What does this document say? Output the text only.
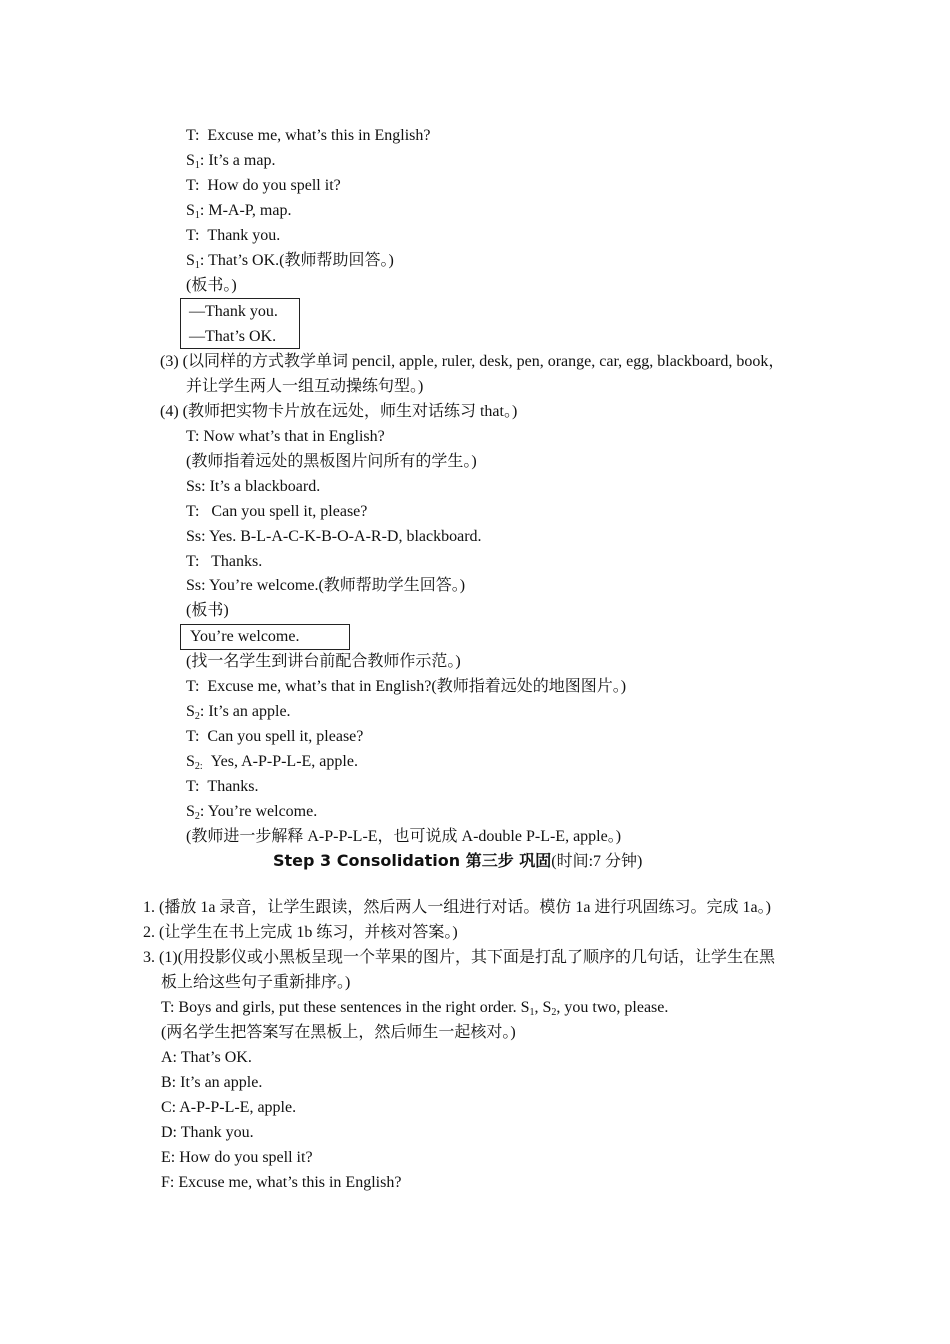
T: Excuse me, what’s this in English?
$S_1$: It’s a map.
T: How do you spell it?
$S_1$: M-A-P, map.
T: Thank you.
$S_1$: That’s OK.(教师帮助回答。)
(板书。)
—Thank you.
—That’s OK.
(3) (以同样的方式教学单词 pencil, apple, ruler, desk, pen, orange, car, egg, blackboard, book，
并让学生两人一组互动操练句型。)
(4) (教师把实物卡片放在远处，师生对话练习 that。)
T: Now what’s that in English?
(教师指着远处的黑板图片问所有的学生。)
Ss: It’s a blackboard.
T:   Can you spell it, please?
Ss: Yes. B-L-A-C-K-B-O-A-R-D, blackboard.
T:   Thanks.
Ss: You’re welcome.(教师帮助学生回答。)
(板书)
You’re welcome.
(找一名学生到讲台前配合教师作示范。)
T: Excuse me, what’s that in English?(教师指着远处的地图图片。)
$S_2$: It’s an apple.
T: Can you spell it, please?
$S_{2:}$ Yes, A-P-P-L-E, apple.
T: Thanks.
$S_2$: You’re welcome.
(教师进一步解释 A-P-P-L-E，也可说成 A-double P-L-E, apple。)
Step 3 Consolidation 第三步 巩固(时间:7 分钟)
1. (播放 1a 录音，让学生跟读，然后两人一组进行对话。模仿 1a 进行巩固练习。完成 1a。)
2. (让学生在书上完成 1b 练习，并核对答案。)
3. (1)(用投影仪或小黑板呈现一个苹果的图片，其下面是打乱了顺序的几句话，让学生在黑
板上给这些句子重新排序。)
T: Boys and girls, put these sentences in the right order. $S_1$, $S_2$, you two, please.
(两名学生把答案写在黑板上，然后师生一起核对。)
A: That’s OK.
B: It’s an apple.
C: A-P-P-L-E, apple.
D: Thank you.
E: How do you spell it?
F: Excuse me, what’s this in English?
